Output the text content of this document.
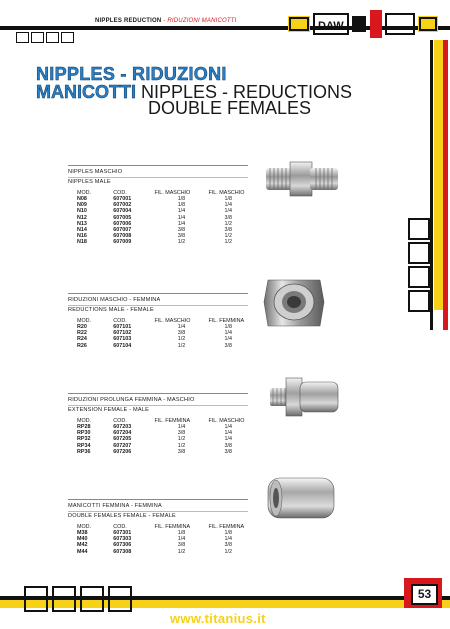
NIPPLES REDUCTION - RIDUZIONI MANICOTTI	DAW
NIPPLES - RIDUZIONI
MANICOTTI NIPPLES - REDUCTIONS
DOUBLE FEMALES
NIPPLES MASCHIO
NIPPLES MALE
MOD.	COD.	FIL. MASCHIO	FIL. MASCHIO
N08	607001	1/8	1/8
N09	607002	1/8	1/4
N10	607004	1/4	1/4
N12	607005	1/4	3/8
N13	607006	1/4	1/2
N14	607007	3/8	3/8
N16	607008	3/8	1/2
N18	607009	1/2	1/2
RIDUZIONI MASCHIO - FEMMINA
REDUCTIONS MALE - FEMALE
MOD.	COD.	FIL. MASCHIO	FIL. FEMMINA
R20	607101	1/4	1/8
R22	607102	3/8	1/4
R24	607103	1/2	1/4
R26	607104	1/2	3/8
RIDUZIONI PROLUNGA FEMMINA - MASCHIO
EXTENSION FEMALE - MALE
MOD.	COD.	FIL. FEMMINA	FIL. MASCHIO
RP28	607203	1/4	1/4
RP30	607204	3/8	1/4
RP32	607205	1/2	1/4
RP34	607207	1/2	3/8
RP36	607206	3/8	3/8
MANICOTTI FEMMINA - FEMMINA
DOUBLE FEMALES FEMALE - FEMALE
MOD.	COD.	FIL. FEMMINA	FIL. FEMMINA
M38	607301	1/8	1/8
M40	607303	1/4	1/4
M42	607306	3/8	3/8
M44	607308	1/2	1/2
53
www.titanius.it
